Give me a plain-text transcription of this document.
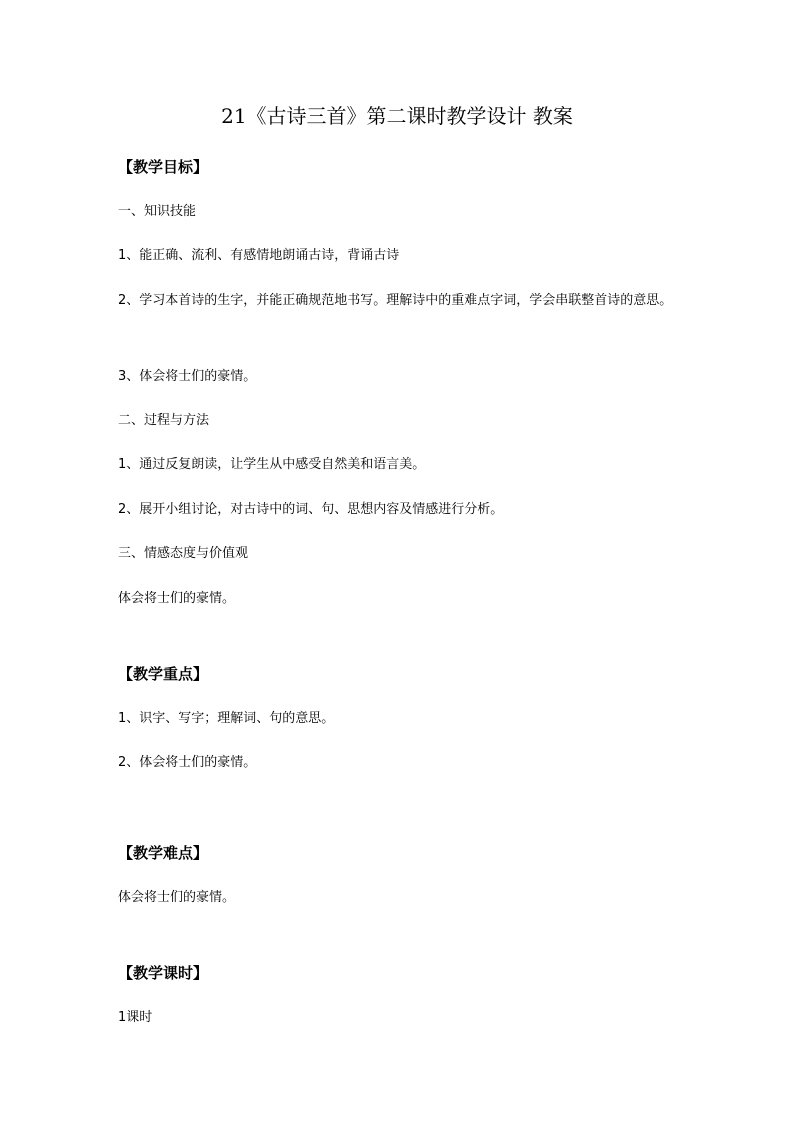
21《古诗三首》第二课时教学设计 教案
【教学目标】
一、知识技能
1、能正确、流利、有感情地朗诵古诗，背诵古诗
2、学习本首诗的生字，并能正确规范地书写。理解诗中的重难点字词，学会串联整首诗的意思。
3、体会将士们的豪情。
二、过程与方法
1、通过反复朗读，让学生从中感受自然美和语言美。
2、展开小组讨论，对古诗中的词、句、思想内容及情感进行分析。
三、情感态度与价值观
体会将士们的豪情。
【教学重点】
1、识字、写字；理解词、句的意思。
2、体会将士们的豪情。
【教学难点】
体会将士们的豪情。
【教学课时】
1课时
